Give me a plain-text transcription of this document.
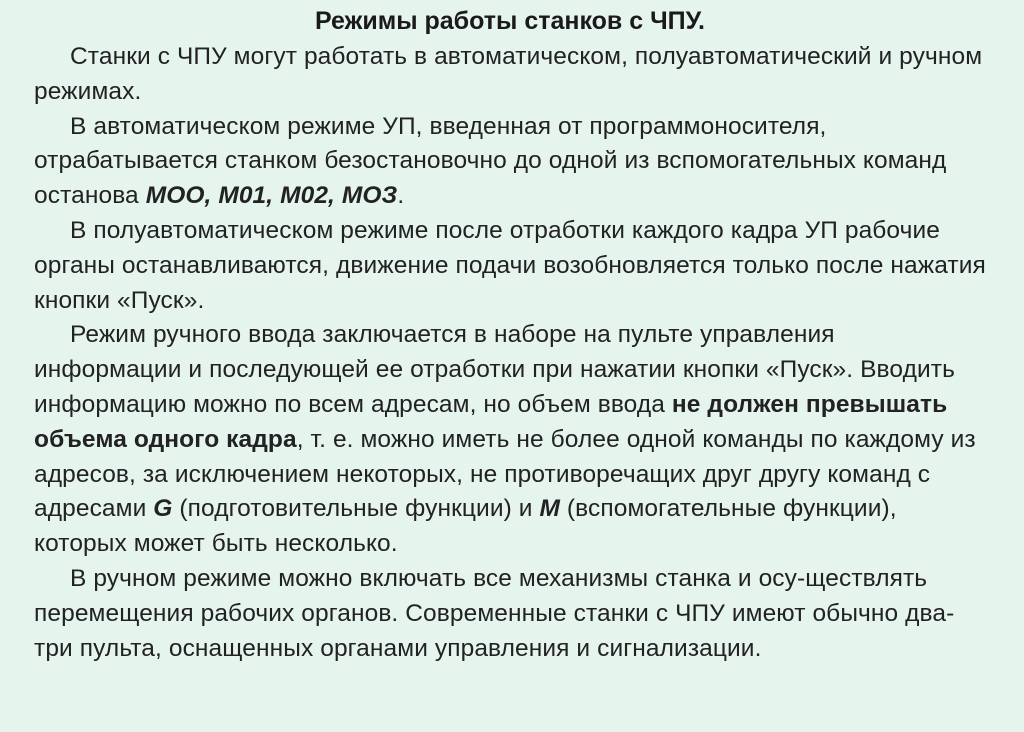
Режимы работы станков с ЧПУ.

Станки с ЧПУ могут работать в автоматическом, полуавтоматический и ручном режимах.

В автоматическом режиме УП, введенная от программоносителя, отрабатывается станком безостановочно до одной из вспомогательных команд останова МОО, М01, М02, МОЗ.

В полуавтоматическом режиме после отработки каждого кадра УП рабочие органы останавливаются, движение подачи возобновляется только после нажатия кнопки «Пуск».

Режим ручного ввода заключается в наборе на пульте управления информации и последующей ее отработки при нажатии кнопки «Пуск». Вводить информацию можно по всем адресам, но объем ввода не должен превышать объема одного кадра, т. е. можно иметь не более одной команды по каждому из адресов, за исключением некоторых, не противоречащих друг другу команд с адресами G (подготовительные функции) и M (вспомогательные функции), которых может быть несколько.

В ручном режиме можно включать все механизмы станка и осу-ществлять перемещения рабочих органов. Современные станки с ЧПУ имеют обычно два-три пульта, оснащенных органами управления и сигнализации.
